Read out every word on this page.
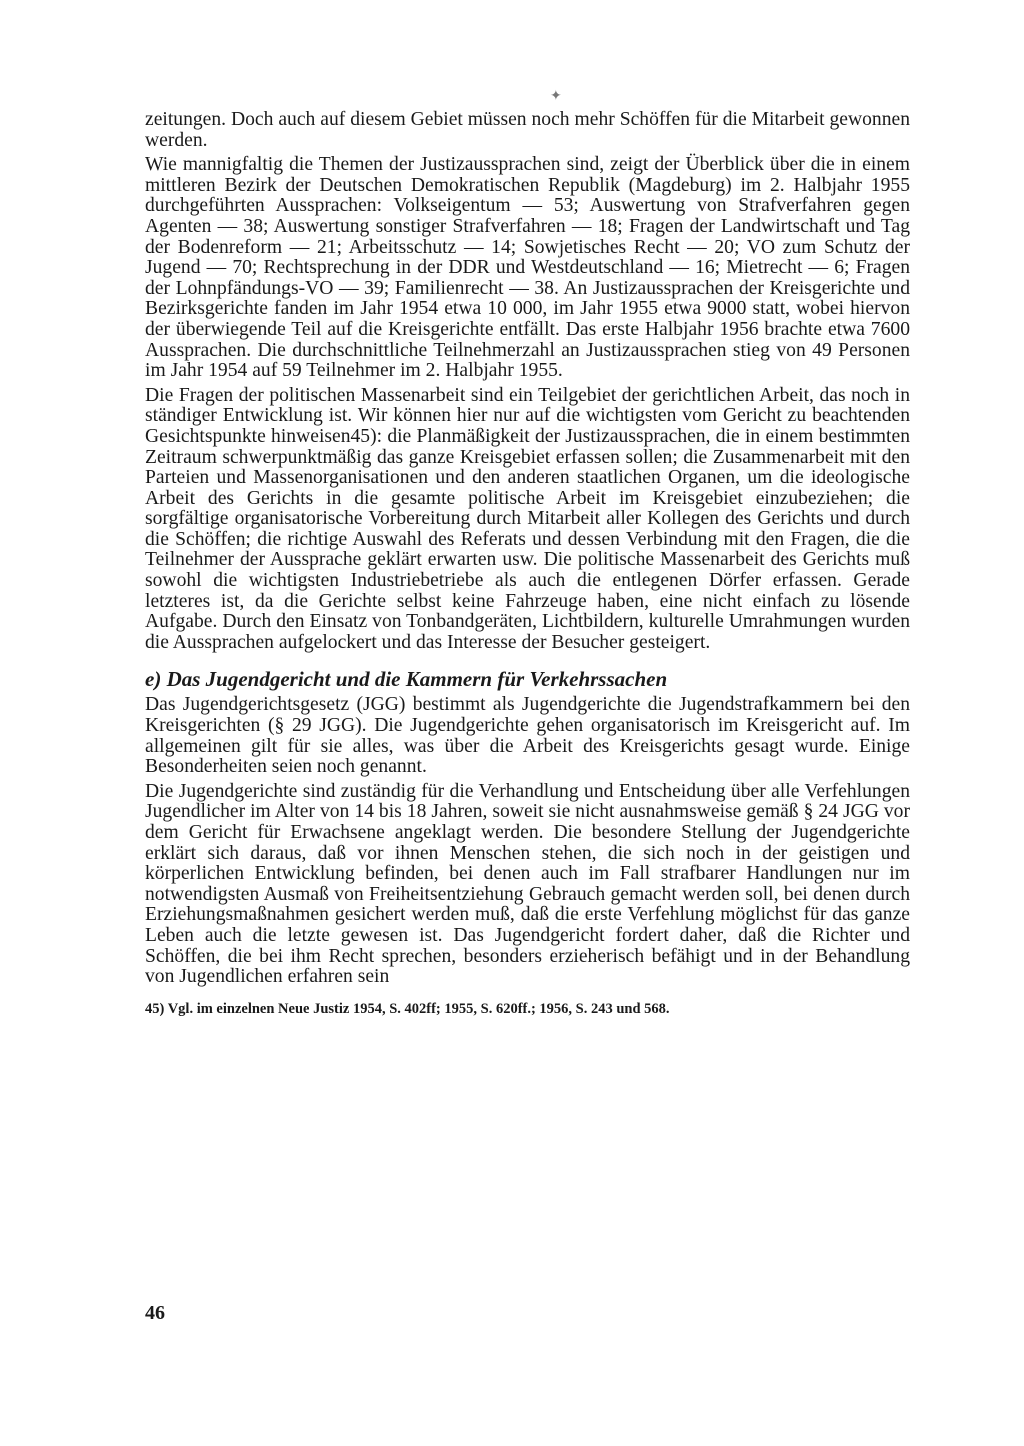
✦

zeitungen. Doch auch auf diesem Gebiet müssen noch mehr Schöffen für die Mitarbeit gewonnen werden.

Wie mannigfaltig die Themen der Justizaussprachen sind, zeigt der Überblick über die in einem mittleren Bezirk der Deutschen Demokratischen Republik (Magdeburg) im 2. Halbjahr 1955 durchgeführten Aussprachen: Volkseigentum — 53; Auswertung von Strafverfahren gegen Agenten — 38; Auswertung sonstiger Strafverfahren — 18; Fragen der Landwirtschaft und Tag der Bodenreform — 21; Arbeitsschutz — 14; Sowjetisches Recht — 20; VO zum Schutz der Jugend — 70; Rechtsprechung in der DDR und Westdeutschland — 16; Mietrecht — 6; Fragen der Lohnpfändungs-VO — 39; Familienrecht — 38. An Justizaussprachen der Kreisgerichte und Bezirksgerichte fanden im Jahr 1954 etwa 10 000, im Jahr 1955 etwa 9000 statt, wobei hiervon der überwiegende Teil auf die Kreisgerichte entfällt. Das erste Halbjahr 1956 brachte etwa 7600 Aussprachen. Die durchschnittliche Teilnehmerzahl an Justizaussprachen stieg von 49 Personen im Jahr 1954 auf 59 Teilnehmer im 2. Halbjahr 1955.

Die Fragen der politischen Massenarbeit sind ein Teilgebiet der gerichtlichen Arbeit, das noch in ständiger Entwicklung ist. Wir können hier nur auf die wichtigsten vom Gericht zu beachtenden Gesichtspunkte hinweisen45): die Planmäßigkeit der Justizaussprachen, die in einem bestimmten Zeitraum schwerpunktmäßig das ganze Kreisgebiet erfassen sollen; die Zusammenarbeit mit den Parteien und Massenorganisationen und den anderen staatlichen Organen, um die ideologische Arbeit des Gerichts in die gesamte politische Arbeit im Kreisgebiet einzubeziehen; die sorgfältige organisatorische Vorbereitung durch Mitarbeit aller Kollegen des Gerichts und durch die Schöffen; die richtige Auswahl des Referats und dessen Verbindung mit den Fragen, die die Teilnehmer der Aussprache geklärt erwarten usw. Die politische Massenarbeit des Gerichts muß sowohl die wichtigsten Industriebetriebe als auch die entlegenen Dörfer erfassen. Gerade letzteres ist, da die Gerichte selbst keine Fahrzeuge haben, eine nicht einfach zu lösende Aufgabe. Durch den Einsatz von Tonbandgeräten, Lichtbildern, kulturelle Umrahmungen wurden die Aussprachen aufgelockert und das Interesse der Besucher gesteigert.

e) Das Jugendgericht und die Kammern für Verkehrssachen

Das Jugendgerichtsgesetz (JGG) bestimmt als Jugendgerichte die Jugendstrafkammern bei den Kreisgerichten (§ 29 JGG). Die Jugendgerichte gehen organisatorisch im Kreisgericht auf. Im allgemeinen gilt für sie alles, was über die Arbeit des Kreisgerichts gesagt wurde. Einige Besonderheiten seien noch genannt.

Die Jugendgerichte sind zuständig für die Verhandlung und Entscheidung über alle Verfehlungen Jugendlicher im Alter von 14 bis 18 Jahren, soweit sie nicht ausnahmsweise gemäß § 24 JGG vor dem Gericht für Erwachsene angeklagt werden. Die besondere Stellung der Jugendgerichte erklärt sich daraus, daß vor ihnen Menschen stehen, die sich noch in der geistigen und körperlichen Entwicklung befinden, bei denen auch im Fall strafbarer Handlungen nur im notwendigsten Ausmaß von Freiheitsentziehung Gebrauch gemacht werden soll, bei denen durch Erziehungsmaßnahmen gesichert werden muß, daß die erste Verfehlung möglichst für das ganze Leben auch die letzte gewesen ist. Das Jugendgericht fordert daher, daß die Richter und Schöffen, die bei ihm Recht sprechen, besonders erzieherisch befähigt und in der Behandlung von Jugendlichen erfahren sein

45) Vgl. im einzelnen Neue Justiz 1954, S. 402ff; 1955, S. 620ff.; 1956, S. 243 und 568.

46
